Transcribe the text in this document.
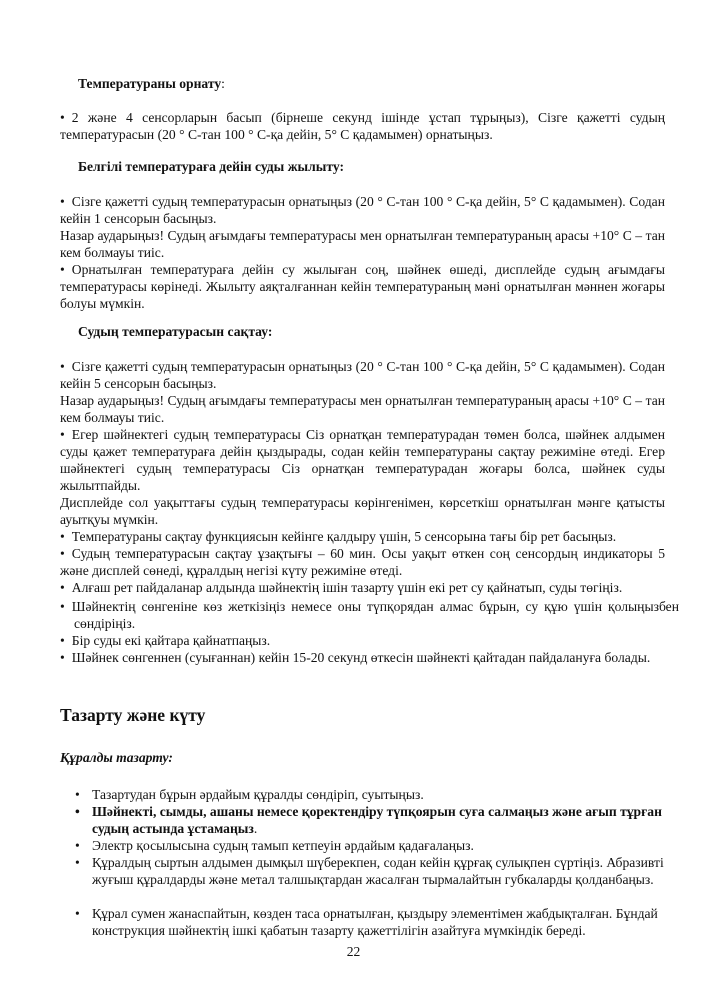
Температураны орнату:
• 2 және 4 сенсорларын басып (бірнеше секунд ішінде ұстап тұрыңыз), Сізге қажетті судың температурасын (20 ° C-тан 100 ° C-қа дейін, 5° C қадамымен) орнатыңыз.
Белгілі температураға дейін суды жылыту:
• Сізге қажетті судың температурасын орнатыңыз (20 ° C-тан 100 ° C-қа дейін, 5° C қадамымен). Содан кейін 1 сенсорын басыңыз.
Назар аударыңыз! Судың ағымдағы температурасы мен орнатылған температураның арасы +10° C – тан кем болмауы тиіс.
• Орнатылған температураға дейін су жылыған соң, шәйнек өшеді, дисплейде судың ағымдағы температурасы көрінеді. Жылыту аяқталғаннан кейін температураның мәні орнатылған мәннен жоғары болуы мүмкін.
Судың температурасын сақтау:
• Сізге қажетті судың температурасын орнатыңыз (20 ° C-тан 100 ° C-қа дейін, 5° C қадамымен). Содан кейін 5 сенсорын басыңыз.
Назар аударыңыз! Судың ағымдағы температурасы мен орнатылған температураның арасы +10° C – тан кем болмауы тиіс.
• Егер шәйнектегі судың температурасы Сіз орнатқан температурадан төмен болса, шәйнек алдымен суды қажет температураға дейін қыздырады, содан кейін температураны сақтау режиміне өтеді. Егер шәйнектегі судың температурасы Сіз орнатқан температурадан жоғары болса, шәйнек суды жылытпайды.
Дисплейде сол уақыттағы судың температурасы көрінгенімен, көрсеткіш орнатылған мәнге қатысты ауытқуы мүмкін.
• Температураны сақтау функциясын кейінге қалдыру үшін, 5 сенсорына тағы бір рет басыңыз.
• Судың температурасын сақтау ұзақтығы – 60 мин. Осы уақыт өткен соң сенсордың индикаторы 5 және дисплей сөнеді, құралдың негізі күту режиміне өтеді.
• Алғаш рет пайдаланар алдында шәйнектің ішін тазарту үшін екі рет су қайнатып, суды төгіңіз.
• Шәйнектің сөнгеніне көз жеткізіңіз немесе оны түпқорядан алмас бұрын, су құю үшін қолыңызбен сөндіріңіз.
• Бір суды екі қайтара қайнатпаңыз.
• Шәйнек сөнгеннен (суығаннан) кейін 15-20 секунд өткесін шәйнекті қайтадан пайдалануға болады.
Тазарту және күту
Құралды тазарту:
• Тазартудан бұрын әрдайым құралды сөндіріп, суытыңыз.
• Шәйнекті, сымды, ашаны немесе қоректендіру түпқоярын суға салмаңыз және ағып тұрған судың астында ұстамаңыз.
• Электр қосылысына судың тамып кетпеуін әрдайым қадағалаңыз.
• Құралдың сыртын алдымен дымқыл шүберекпен, содан кейін құрғақ сулықпен сүртіңіз. Абразивті жуғыш құралдарды және метал талшықтардан жасалған тырмалайтын губкаларды қолданбаңыз.
• Құрал сумен жанаспайтын, көзден таса орнатылған, қыздыру элементімен жабдықталған. Бұндай конструкция шәйнектің ішкі қабатын тазарту қажеттілігін азайтуға мүмкіндік береді.
22
